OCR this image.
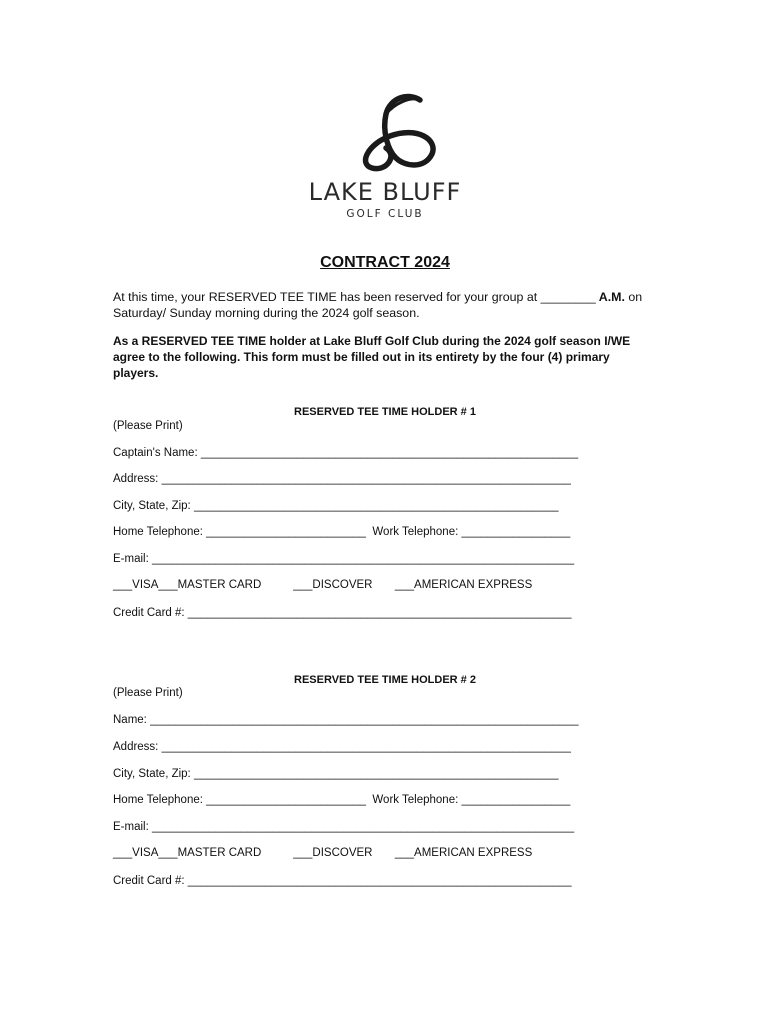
LAKE BLUFF
GOLF CLUB
CONTRACT 2024
At this time, your RESERVED TEE TIME has been reserved for your group at ________ A.M. on
Saturday/ Sunday morning during the 2024 golf season.
As a RESERVED TEE TIME holder at Lake Bluff Golf Club during the 2024 golf season I/WE
agree to the following. This form must be filled out in its entirety by the four (4) primary
players.
RESERVED TEE TIME HOLDER # 1
(Please Print)
Captain's Name: ___________________________________________________________
Address: ________________________________________________________________
City, State, Zip: _________________________________________________________
Home Telephone: _________________________  Work Telephone: _________________
E-mail: __________________________________________________________________
___VISA___MASTER CARD          ___DISCOVER       ___AMERICAN EXPRESS
Credit Card #: ____________________________________________________________
RESERVED TEE TIME HOLDER # 2
(Please Print)
Name: ___________________________________________________________________
Address: ________________________________________________________________
City, State, Zip: _________________________________________________________
Home Telephone: _________________________  Work Telephone: _________________
E-mail: __________________________________________________________________
___VISA___MASTER CARD          ___DISCOVER       ___AMERICAN EXPRESS
Credit Card #: ____________________________________________________________
